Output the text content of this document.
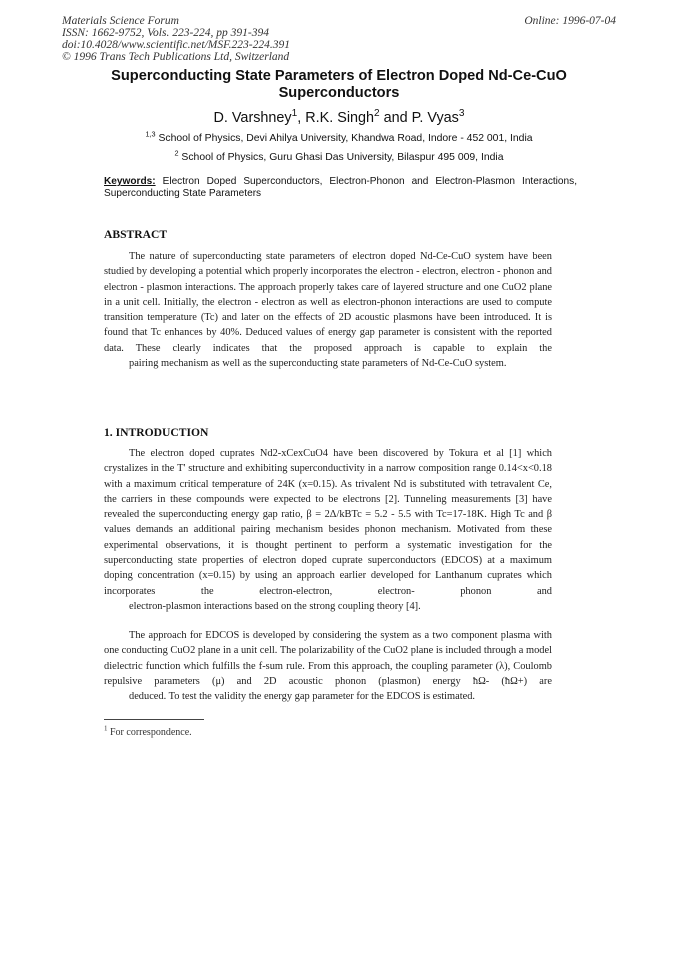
Materials Science Forum
ISSN: 1662-9752, Vols. 223-224, pp 391-394
doi:10.4028/www.scientific.net/MSF.223-224.391
© 1996 Trans Tech Publications Ltd, Switzerland
Online: 1996-07-04
Superconducting State Parameters of Electron Doped Nd-Ce-CuO
Superconductors
D. Varshney$^1$, R.K. Singh$^2$ and P. Vyas$^3$
$^{1,3}$ School of Physics, Devi Ahilya University, Khandwa Road, Indore - 452 001, India
$^2$ School of Physics, Guru Ghasi Das University, Bilaspur 495 009, India
Keywords: Electron Doped Superconductors, Electron-Phonon and Electron-Plasmon Interactions, Superconducting State Parameters
ABSTRACT
The nature of superconducting state parameters of electron doped Nd-Ce-CuO system have been studied by developing a potential which properly incorporates the electron - electron, electron - phonon and electron - plasmon interactions. The approach properly takes care of layered structure and one CuO2 plane in a unit cell. Initially, the electron - electron as well as electron-phonon interactions are used to compute transition temperature (Tc) and later on the effects of 2D acoustic plasmons have been introduced. It is found that Tc enhances by 40%. Deduced values of energy gap parameter is consistent with the reported data. These clearly indicates that the proposed approach is capable to explain the
pairing mechanism as well as the superconducting state parameters of Nd-Ce-CuO system.
1. INTRODUCTION
The electron doped cuprates Nd2-xCexCuO4 have been discovered by Tokura et al [1] which crystalizes in the T' structure and exhibiting superconductivity in a narrow composition range 0.14<x<0.18 with a maximum critical temperature of 24K (x=0.15). As trivalent Nd is substituted with tetravalent Ce, the carriers in these compounds were expected to be electrons [2]. Tunneling measurements [3] have revealed the superconducting energy gap ratio, β = 2Δ/kBTc = 5.2 - 5.5 with Tc=17-18K. High Tc and β values demands an additional pairing mechanism besides phonon mechanism. Motivated from these experimental observations, it is thought pertinent to perform a systematic investigation for the superconducting state properties of electron doped cuprate superconductors (EDCOS) at a maximum doping concentration (x=0.15) by using an approach earlier developed for Lanthanum cuprates which incorporates the electron-electron, electron- phonon and
electron-plasmon interactions based on the strong coupling theory [4].
The approach for EDCOS is developed by considering the system as a two component plasma with one conducting CuO2 plane in a unit cell. The polarizability of the CuO2 plane is included through a model dielectric function which fulfills the f-sum rule. From this approach, the coupling parameter (λ), Coulomb repulsive parameters (μ) and 2D acoustic phonon (plasmon) energy ħΩ- (ħΩ+) are
deduced. To test the validity the energy gap parameter for the EDCOS is estimated.
$^1$ For correspondence.
